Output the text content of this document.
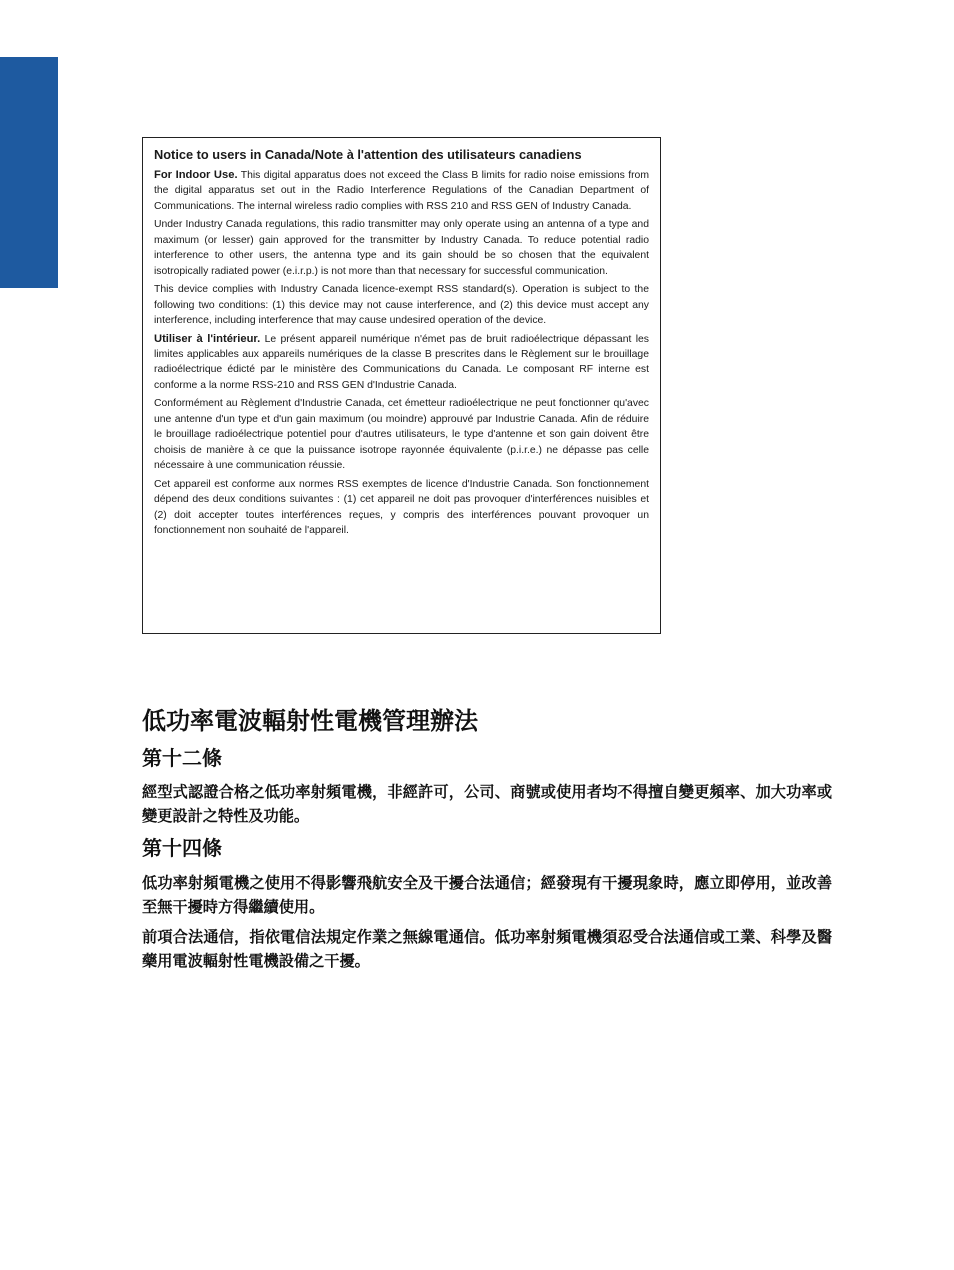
Notice to users in Canada/Note à l'attention des utilisateurs canadiens

For Indoor Use. This digital apparatus does not exceed the Class B limits for radio noise emissions from the digital apparatus set out in the Radio Interference Regulations of the Canadian Department of Communications. The internal wireless radio complies with RSS 210 and RSS GEN of Industry Canada.

Under Industry Canada regulations, this radio transmitter may only operate using an antenna of a type and maximum (or lesser) gain approved for the transmitter by Industry Canada. To reduce potential radio interference to other users, the antenna type and its gain should be so chosen that the equivalent isotropically radiated power (e.i.r.p.) is not more than that necessary for successful communication.

This device complies with Industry Canada licence-exempt RSS standard(s). Operation is subject to the following two conditions: (1) this device may not cause interference, and (2) this device must accept any interference, including interference that may cause undesired operation of the device.

Utiliser à l'intérieur. Le présent appareil numérique n'émet pas de bruit radioélectrique dépassant les limites applicables aux appareils numériques de la classe B prescrites dans le Règlement sur le brouillage radioélectrique édicté par le ministère des Communications du Canada. Le composant RF interne est conforme a la norme RSS-210 and RSS GEN d'Industrie Canada.

Conformément au Règlement d'Industrie Canada, cet émetteur radioélectrique ne peut fonctionner qu'avec une antenne d'un type et d'un gain maximum (ou moindre) approuvé par Industrie Canada. Afin de réduire le brouillage radioélectrique potentiel pour d'autres utilisateurs, le type d'antenne et son gain doivent être choisis de manière à ce que la puissance isotrope rayonnée équivalente (p.i.r.e.) ne dépasse pas celle nécessaire à une communication réussie.

Cet appareil est conforme aux normes RSS exemptes de licence d'Industrie Canada. Son fonctionnement dépend des deux conditions suivantes : (1) cet appareil ne doit pas provoquer d'interférences nuisibles et (2) doit accepter toutes interférences reçues, y compris des interférences pouvant provoquer un fonctionnement non souhaité de l'appareil.

低功率電波輻射性電機管理辦法
第十二條
經型式認證合格之低功率射頻電機，非經許可，公司、商號或使用者均不得擅自變更頻率、加大功率或變更設計之特性及功能。
第十四條
低功率射頻電機之使用不得影響飛航安全及干擾合法通信；經發現有干擾現象時，應立即停用，並改善至無干擾時方得繼續使用。
前項合法通信，指依電信法規定作業之無線電通信。低功率射頻電機須忍受合法通信或工業、科學及醫藥用電波輻射性電機設備之干擾。
